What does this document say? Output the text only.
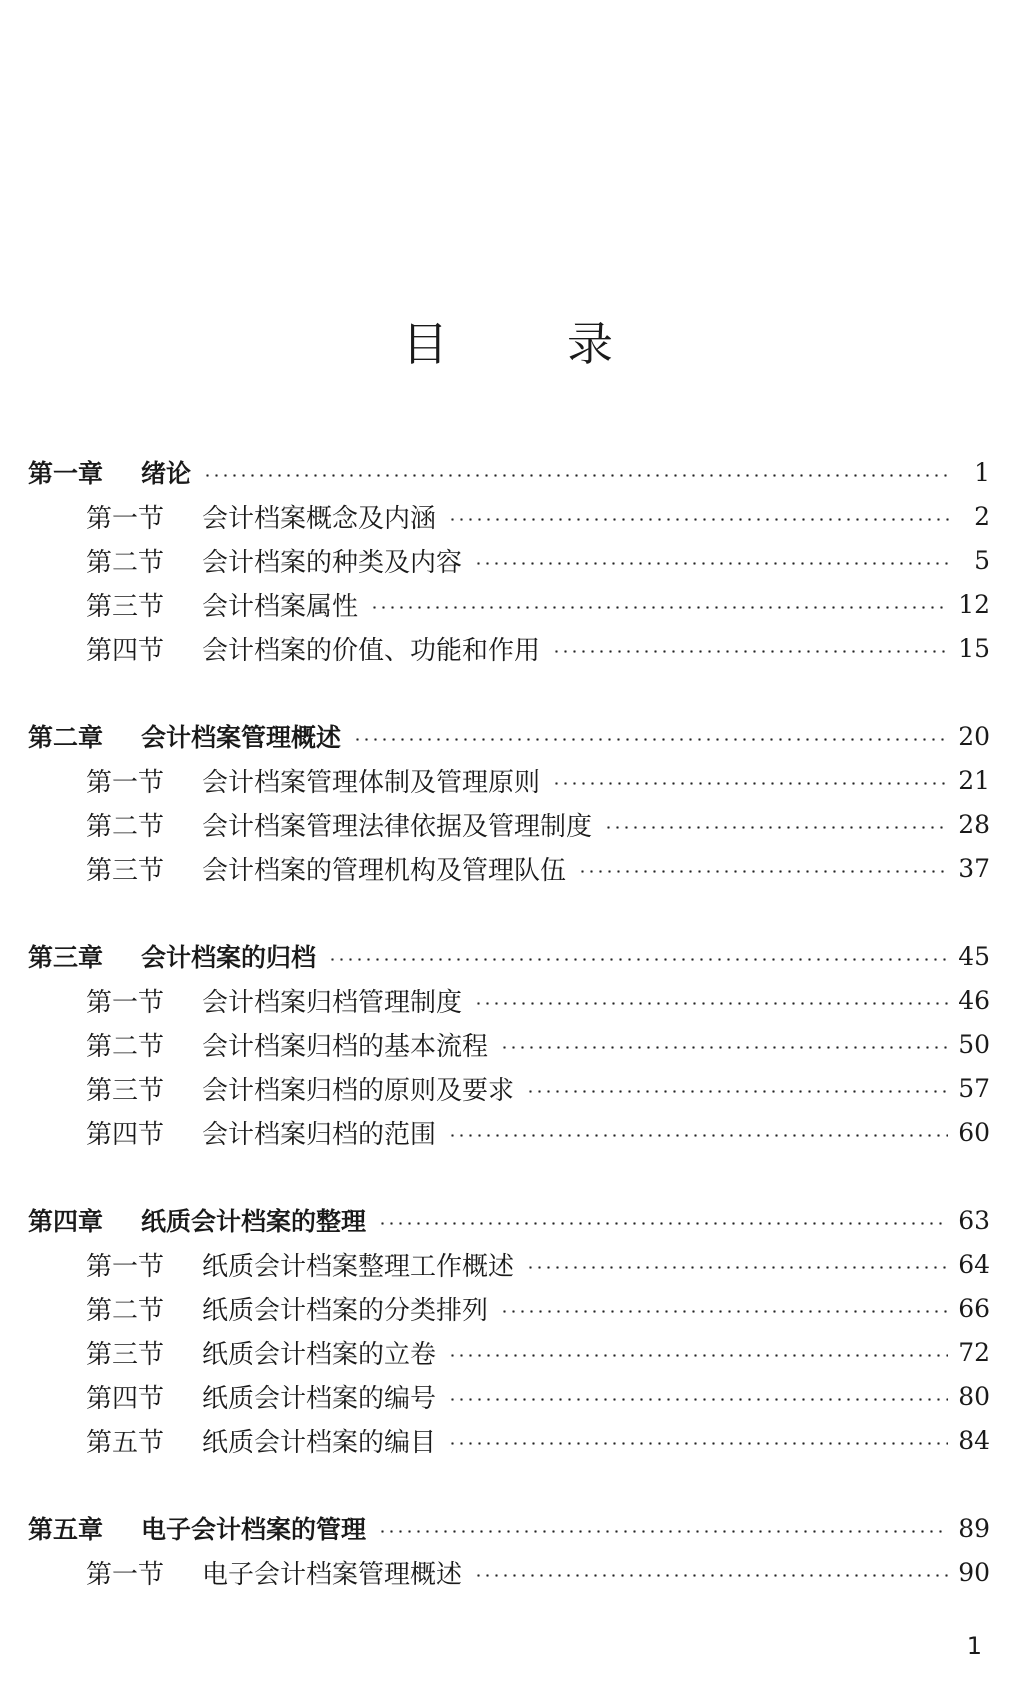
目	录
第一章	绪论	1
第一节	会计档案概念及内涵	2
第二节	会计档案的种类及内容	5
第三节	会计档案属性	12
第四节	会计档案的价值、功能和作用	15
第二章	会计档案管理概述	20
第一节	会计档案管理体制及管理原则	21
第二节	会计档案管理法律依据及管理制度	28
第三节	会计档案的管理机构及管理队伍	37
第三章	会计档案的归档	45
第一节	会计档案归档管理制度	46
第二节	会计档案归档的基本流程	50
第三节	会计档案归档的原则及要求	57
第四节	会计档案归档的范围	60
第四章	纸质会计档案的整理	63
第一节	纸质会计档案整理工作概述	64
第二节	纸质会计档案的分类排列	66
第三节	纸质会计档案的立卷	72
第四节	纸质会计档案的编号	80
第五节	纸质会计档案的编目	84
第五章	电子会计档案的管理	89
第一节	电子会计档案管理概述	90
1
